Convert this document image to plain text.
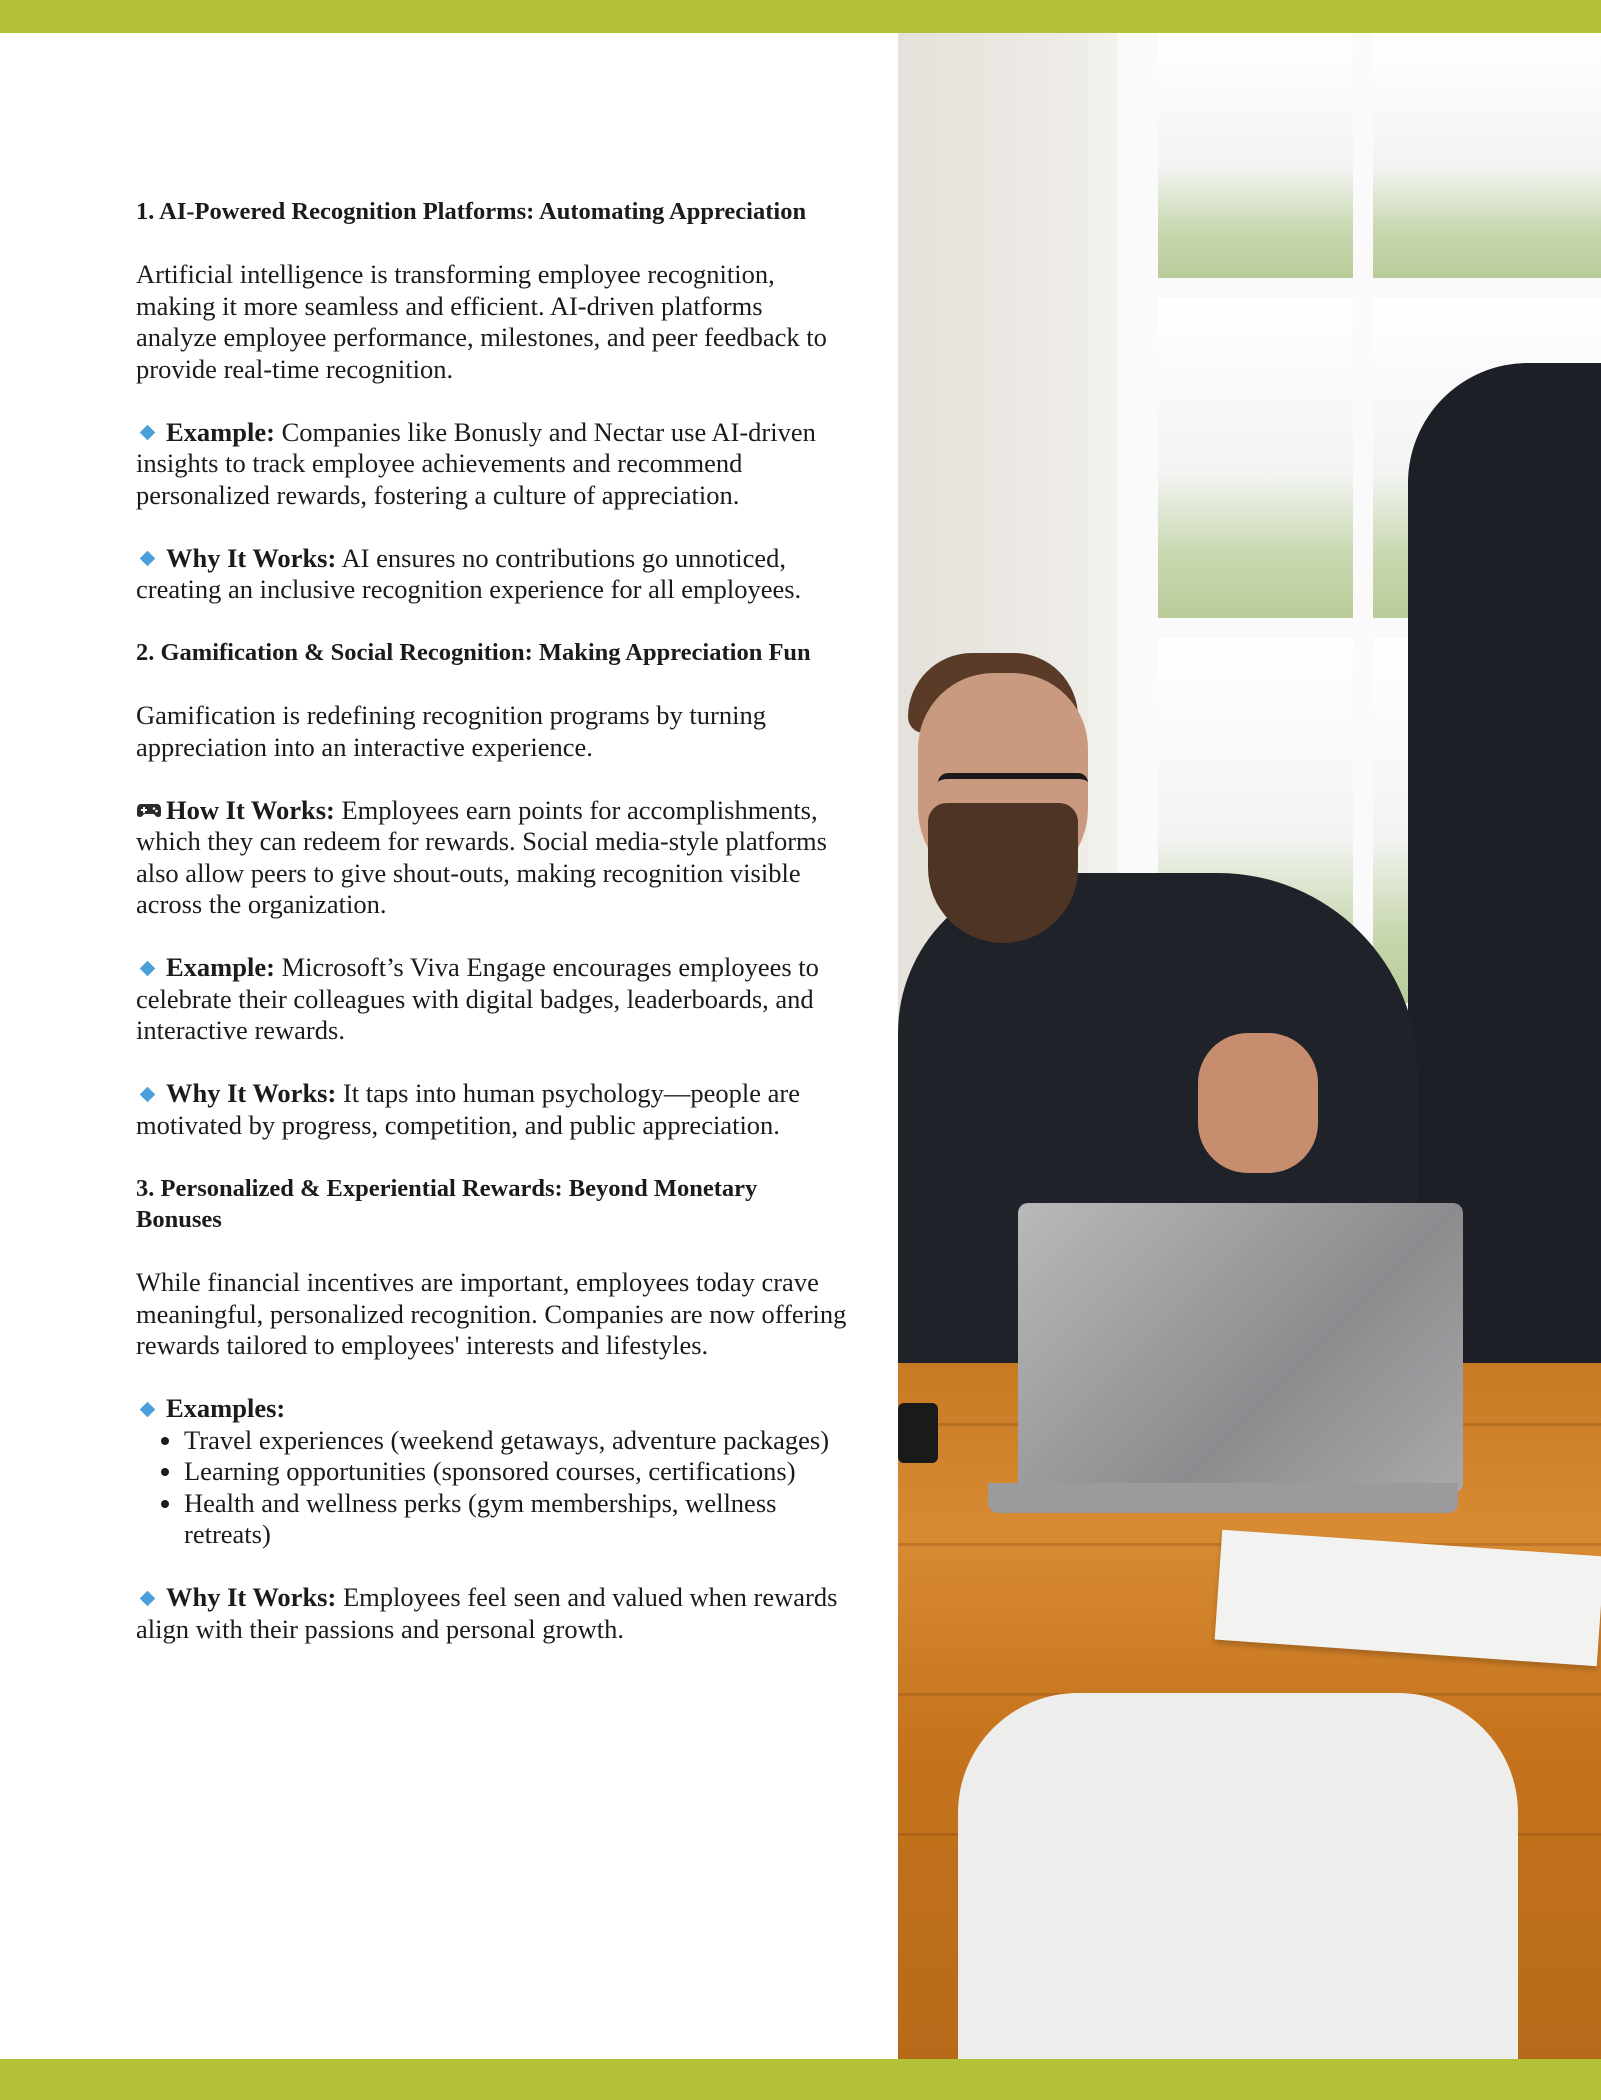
1. AI-Powered Recognition Platforms: Automating Appreciation

Artificial intelligence is transforming employee recognition, making it more seamless and efficient. AI-driven platforms analyze employee performance, milestones, and peer feedback to provide real-time recognition.

Example: Companies like Bonusly and Nectar use AI-driven insights to track employee achievements and recommend personalized rewards, fostering a culture of appreciation.

Why It Works: AI ensures no contributions go unnoticed, creating an inclusive recognition experience for all employees.

2. Gamification & Social Recognition: Making Appreciation Fun

Gamification is redefining recognition programs by turning appreciation into an interactive experience.

How It Works: Employees earn points for accomplishments, which they can redeem for rewards. Social media-style platforms also allow peers to give shout-outs, making recognition visible across the organization.

Example: Microsoft’s Viva Engage encourages employees to celebrate their colleagues with digital badges, leaderboards, and interactive rewards.

Why It Works: It taps into human psychology—people are motivated by progress, competition, and public appreciation.

3. Personalized & Experiential Rewards: Beyond Monetary Bonuses

While financial incentives are important, employees today crave meaningful, personalized recognition. Companies are now offering rewards tailored to employees' interests and lifestyles.

Examples:

• Travel experiences (weekend getaways, adventure packages)
• Learning opportunities (sponsored courses, certifications)
• Health and wellness perks (gym memberships, wellness retreats)

Why It Works: Employees feel seen and valued when rewards align with their passions and personal growth.
